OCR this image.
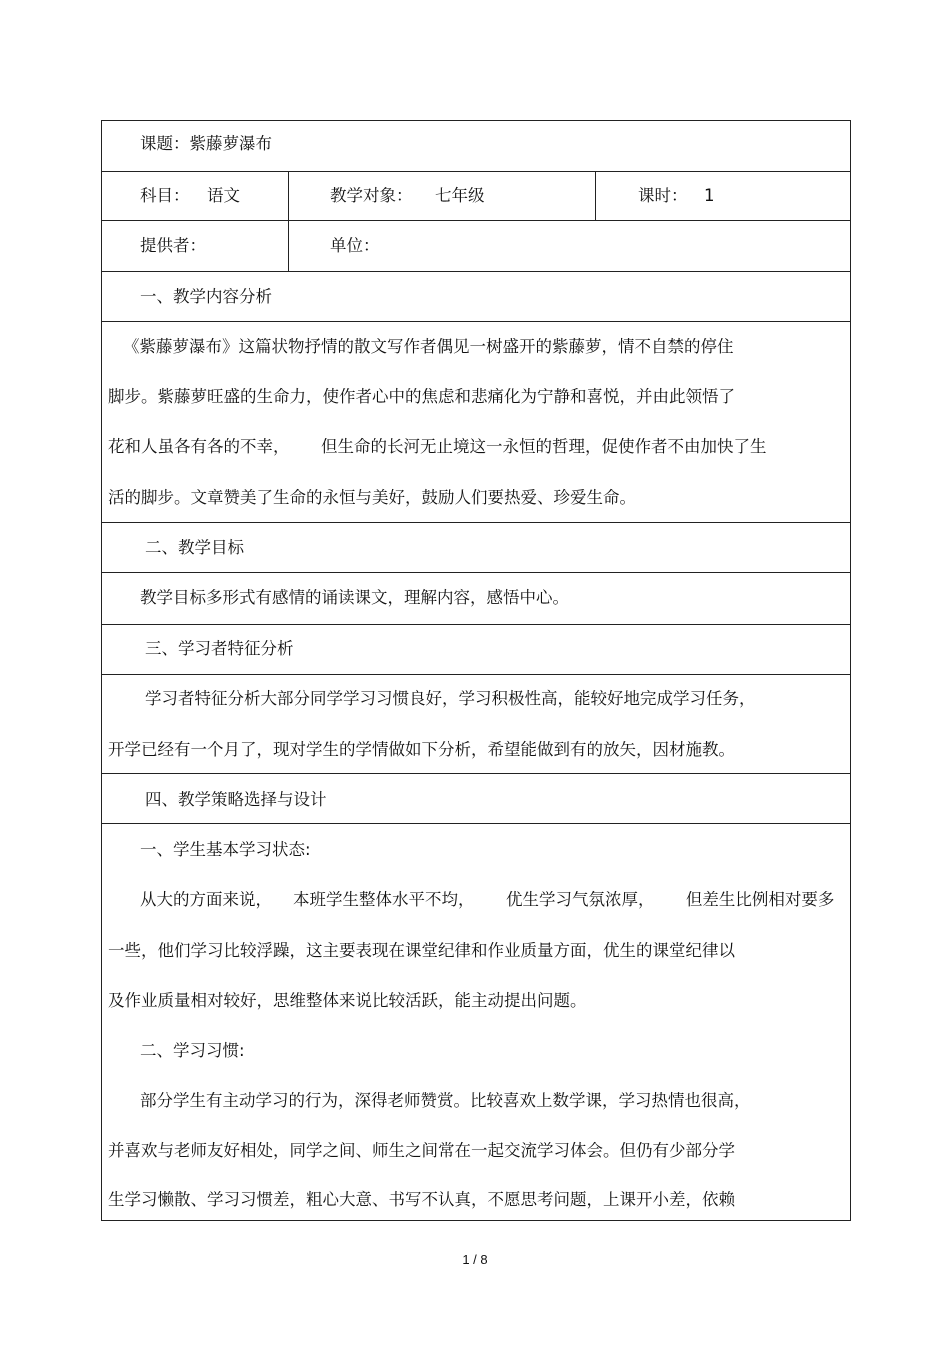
课题：紫藤萝瀑布
科目： 语文	教学对象： 七年级	课时： 1
提供者：	单位：
一、教学内容分析
《紫藤萝瀑布》这篇状物抒情的散文写作者偶见一树盛开的紫藤萝，情不自禁的停住
脚步。紫藤萝旺盛的生命力，使作者心中的焦虑和悲痛化为宁静和喜悦，并由此领悟了
花和人虽各有各的不幸，      但生命的长河无止境这一永恒的哲理，促使作者不由加快了生
活的脚步。文章赞美了生命的永恒与美好，鼓励人们要热爱、珍爱生命。
二、教学目标
教学目标多形式有感情的诵读课文，理解内容，感悟中心。
三、学习者特征分析
学习者特征分析大部分同学学习习惯良好，学习积极性高，能较好地完成学习任务，
开学已经有一个月了，现对学生的学情做如下分析，希望能做到有的放矢，因材施教。
四、教学策略选择与设计
一、学生基本学习状态:
从大的方面来说，    本班学生整体水平不均，      优生学习气氛浓厚，      但差生比例相对要多
一些，他们学习比较浮躁，这主要表现在课堂纪律和作业质量方面，优生的课堂纪律以
及作业质量相对较好，思维整体来说比较活跃，能主动提出问题。
二、学习习惯:
部分学生有主动学习的行为，深得老师赞赏。比较喜欢上数学课，学习热情也很高，
并喜欢与老师友好相处，同学之间、师生之间常在一起交流学习体会。但仍有少部分学
生学习懒散、学习习惯差，粗心大意、书写不认真，不愿思考问题，上课开小差，依赖
1 / 8
